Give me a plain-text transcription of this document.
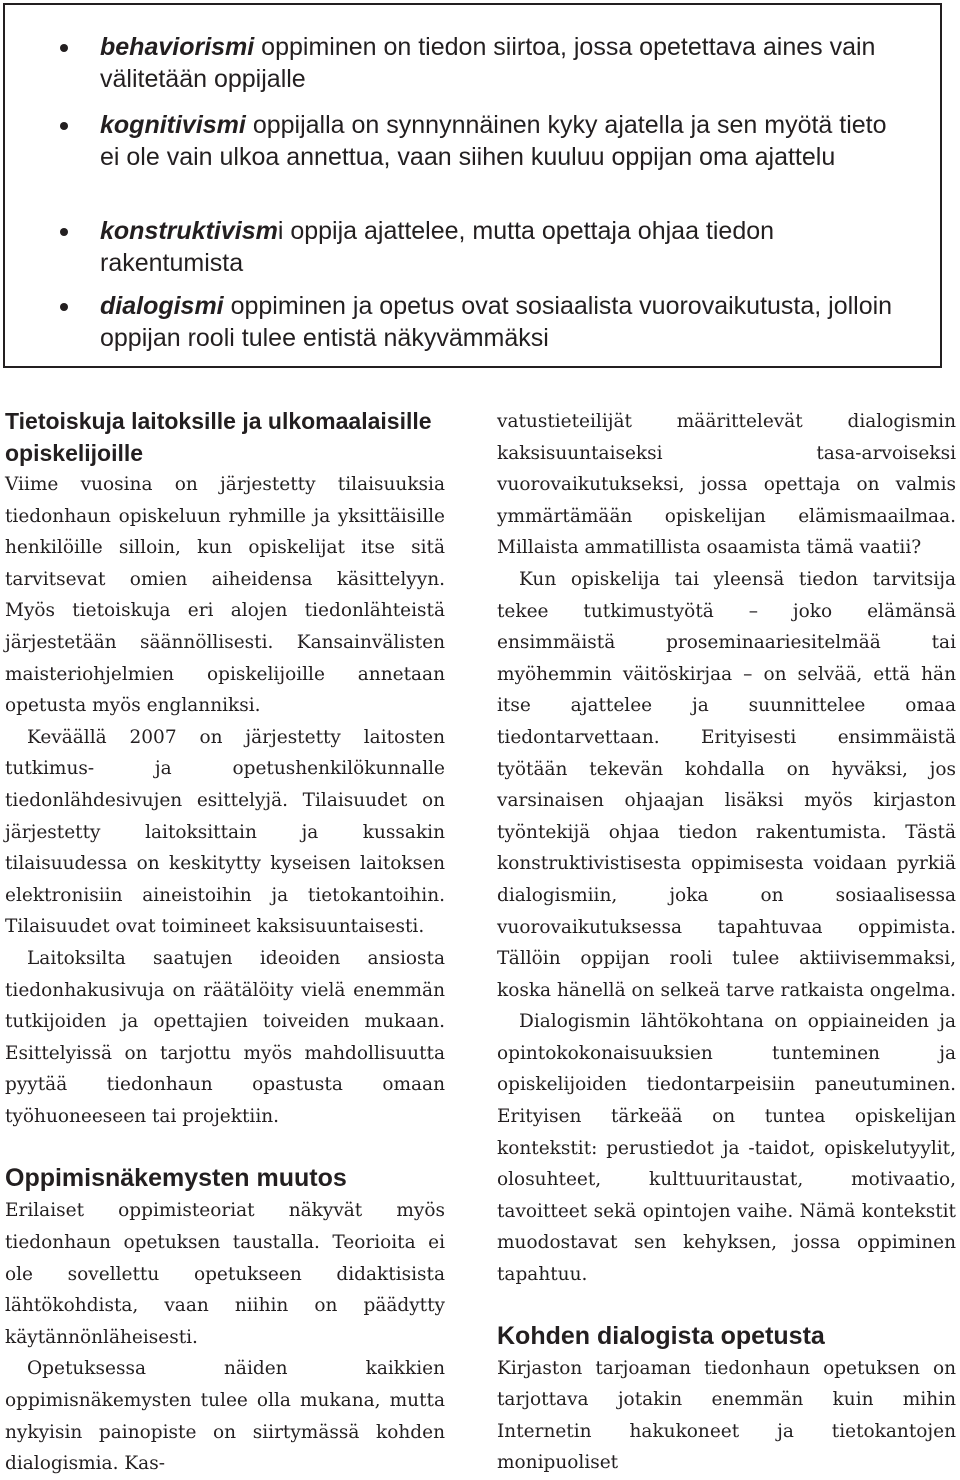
behaviorismi oppiminen on tiedon siirtoa, jossa opetettava aines vain välitetään oppijalle
kognitivismi oppijalla on synnynnäinen kyky ajatella ja sen myötä tieto ei ole vain ulkoa annettua, vaan siihen kuuluu oppijan oma ajattelu
konstruktivismi oppija ajattelee, mutta opettaja ohjaa tiedon rakentumista
dialogismi oppiminen ja opetus ovat sosiaalista vuorovaikutusta, jolloin oppijan rooli tulee entistä näkyvämmäksi
Tietoiskuja laitoksille ja ulkomaalaisille opiskelijoille

Viime vuosina on järjestetty tilaisuuksia tiedonhaun opiskeluun ryhmille ja yksittäisille henkilöille silloin, kun opiskelijat itse sitä tarvitsevat omien aiheidensa käsittelyyn. Myös tietoiskuja eri alojen tiedonlähteistä järjestetään säännöllisesti. Kansainvälisten maisteriohjelmien opiskelijoille annetaan opetusta myös englanniksi.

Keväällä 2007 on järjestetty laitosten tutkimus- ja opetushenkilökunnalle tiedonlähdesivujen esittelyjä. Tilaisuudet on järjestetty laitoksittain ja kussakin tilaisuudessa on keskitytty kyseisen laitoksen elektronisiin aineistoihin ja tietokantoihin. Tilaisuudet ovat toimineet kaksisuuntaisesti.

Laitoksilta saatujen ideoiden ansiosta tiedonhakusivuja on räätälöity vielä enemmän tutkijoiden ja opettajien toiveiden mukaan. Esittelyissä on tarjottu myös mahdollisuutta pyytää tiedonhaun opastusta omaan työhuoneeseen tai projektiin.

Oppimisnäkemysten muutos

Erilaiset oppimisteoriat näkyvät myös tiedonhaun opetuksen taustalla. Teorioita ei ole sovellettu opetukseen didaktisista lähtökohdista, vaan niihin on päädytty käytännönläheisesti.

Opetuksessa näiden kaikkien oppimisnäkemysten tulee olla mukana, mutta nykyisin painopiste on siirtymässä kohden dialogismia. Kas-

vatustieteilijät määrittelevät dialogismin kaksisuuntaiseksi tasa-arvoiseksi vuorovaikutukseksi, jossa opettaja on valmis ymmärtämään opiskelijan elämismaailmaa. Millaista ammatillista osaamista tämä vaatii?

Kun opiskelija tai yleensä tiedon tarvitsija tekee tutkimustyötä – joko elämänsä ensimmäistä proseminaariesitelmää tai myöhemmin väitöskirjaa – on selvää, että hän itse ajattelee ja suunnittelee omaa tiedontarvettaan. Erityisesti ensimmäistä työtään tekevän kohdalla on hyväksi, jos varsinaisen ohjaajan lisäksi myös kirjaston työntekijä ohjaa tiedon rakentumista. Tästä konstruktivistisesta oppimisesta voidaan pyrkiä dialogismiin, joka on sosiaalisessa vuorovaikutuksessa tapahtuvaa oppimista. Tällöin oppijan rooli tulee aktiivisemmaksi, koska hänellä on selkeä tarve ratkaista ongelma.

Dialogismin lähtökohtana on oppiaineiden ja opintokokonaisuuksien tunteminen ja opiskelijoiden tiedontarpeisiin paneutuminen. Erityisen tärkeää on tuntea opiskelijan kontekstit: perustiedot ja -taidot, opiskelutyylit, olosuhteet, kulttuuritaustat, motivaatio, tavoitteet sekä opintojen vaihe. Nämä kontekstit muodostavat sen kehyksen, jossa oppiminen tapahtuu.

Kohden dialogista opetusta

Kirjaston tarjoaman tiedonhaun opetuksen on tarjottava jotakin enemmän kuin mihin Internetin hakukoneet ja tietokantojen monipuoliset
